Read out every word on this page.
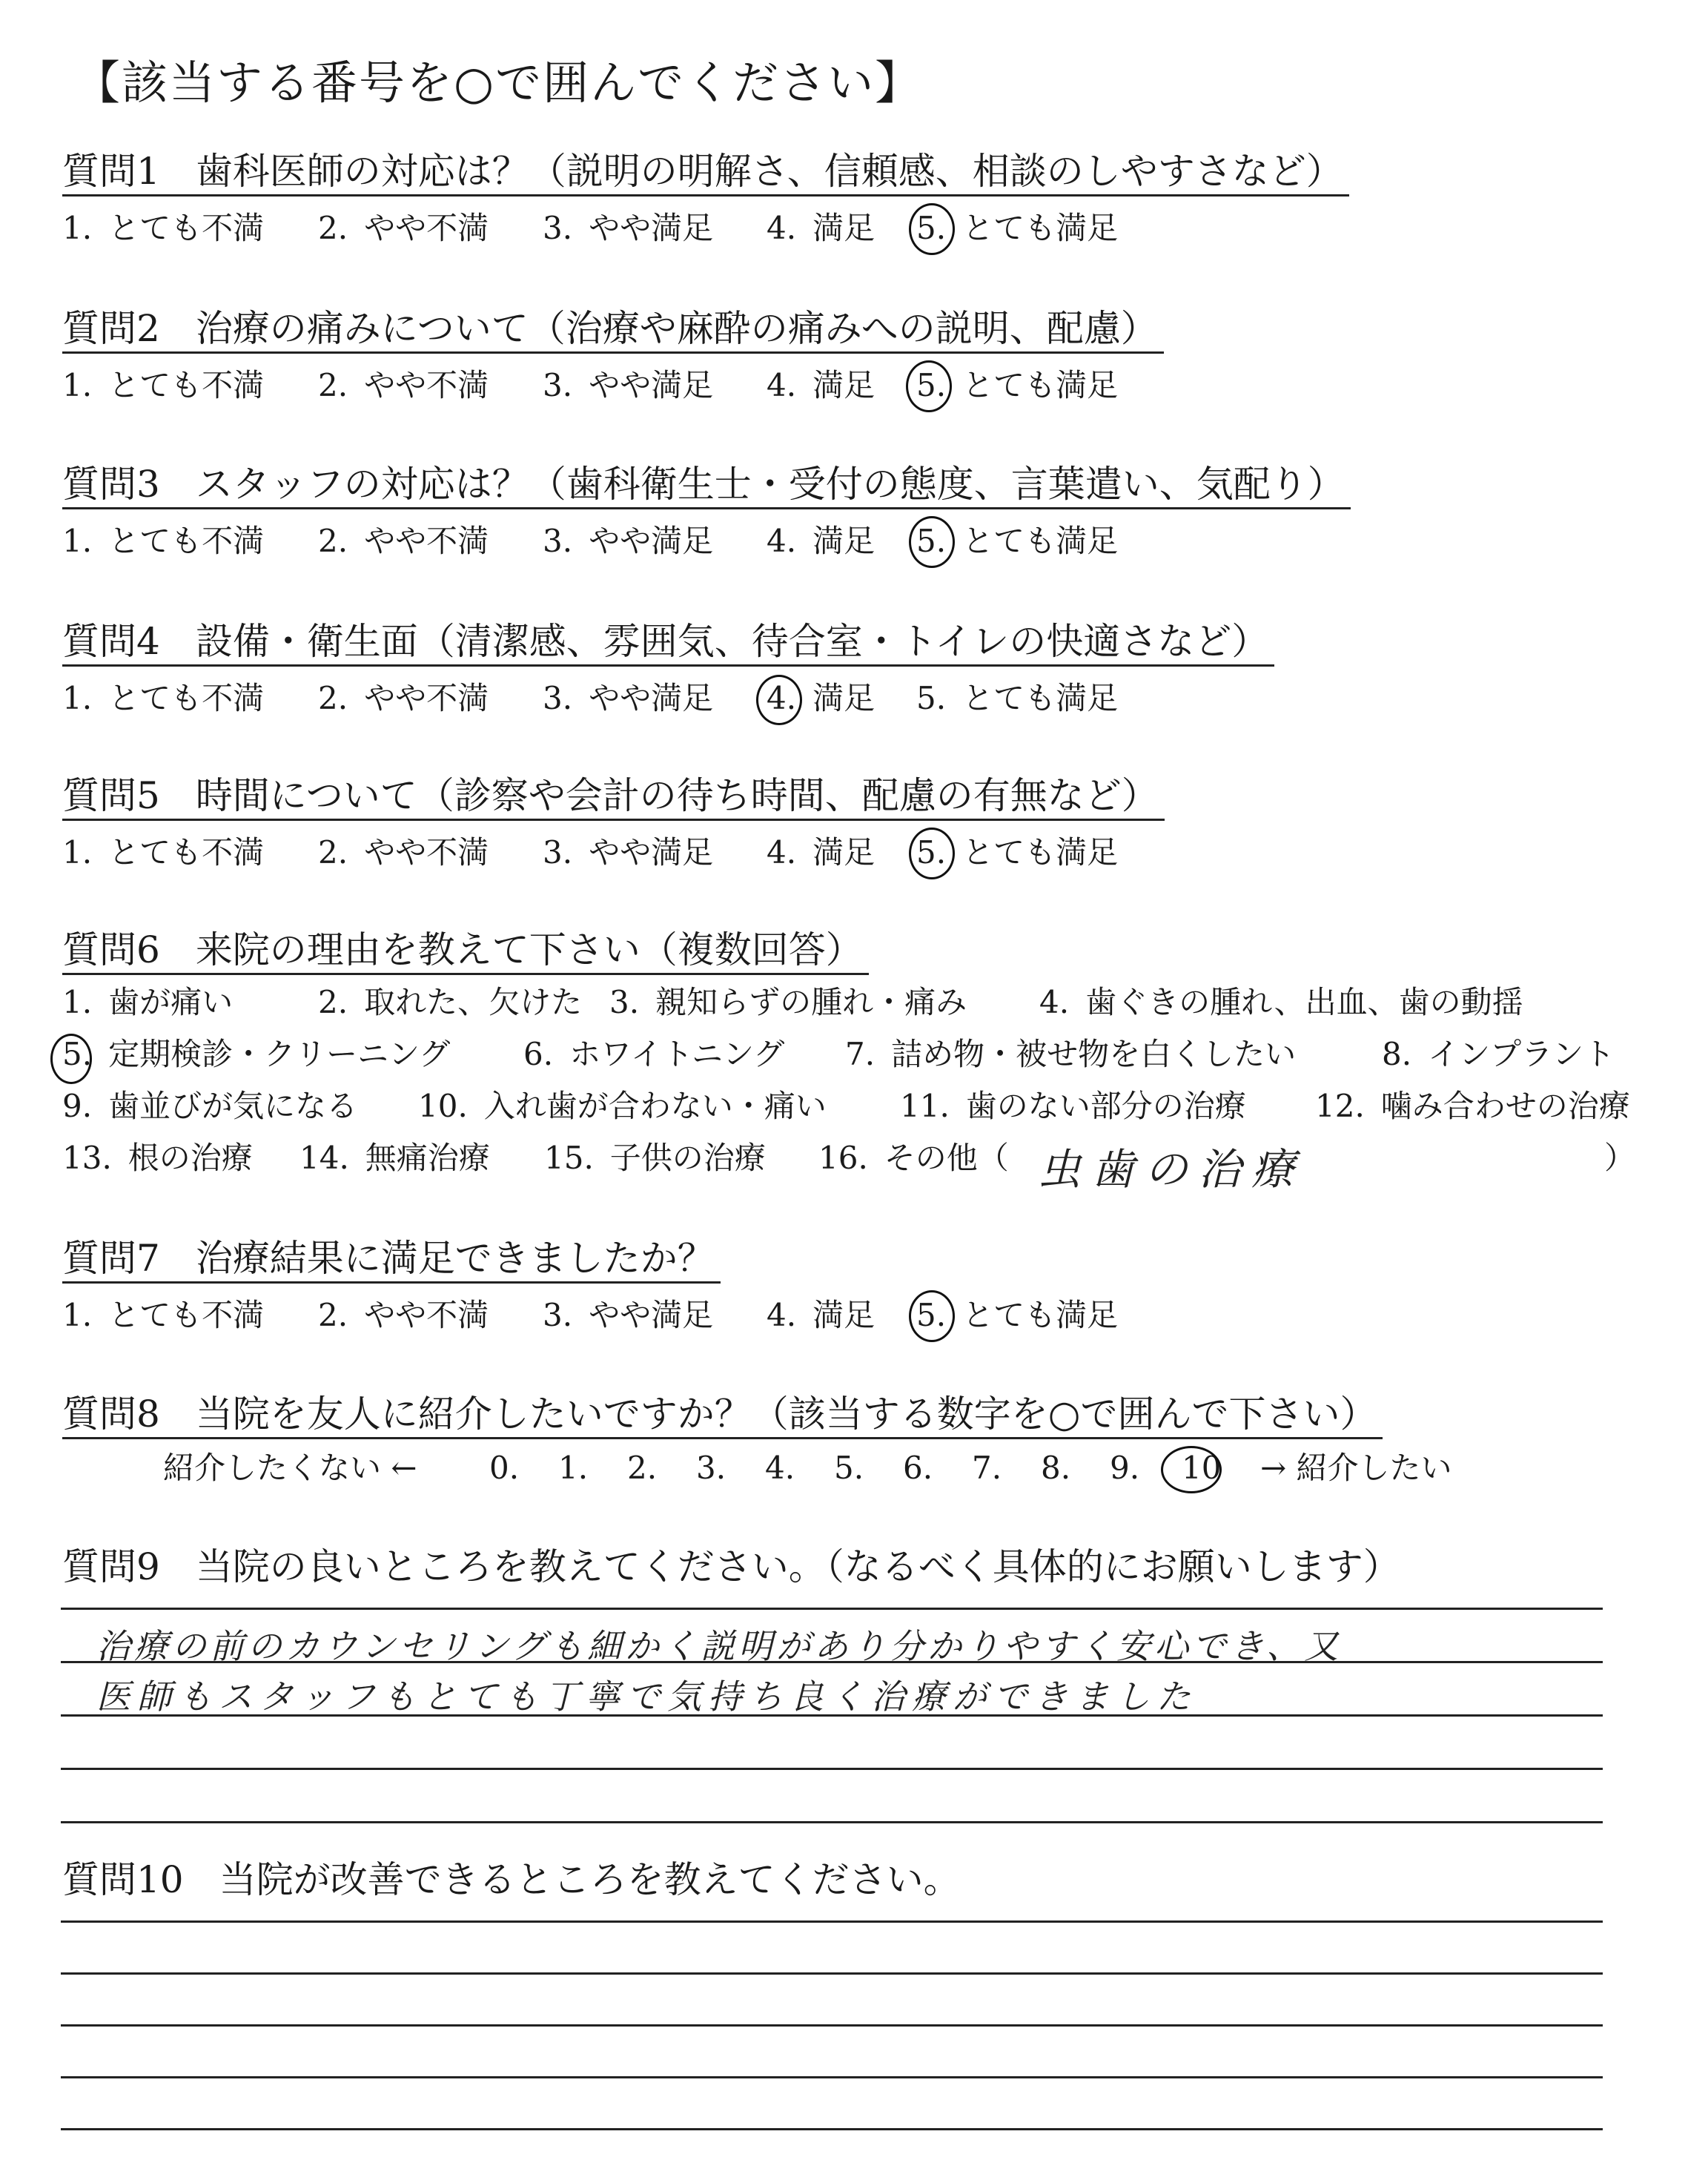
【該当する番号を○で囲んでください】
質問1 歯科医師の対応は？（説明の明解さ、信頼感、相談のしやすさなど）
1. とても不満 2. やや不満 3. やや満足 4. 満足 5. とても満足
質問2 治療の痛みについて（治療や麻酔の痛みへの説明、配慮）
1. とても不満 2. やや不満 3. やや満足 4. 満足 5. とても満足
質問3 スタッフの対応は？（歯科衛生士・受付の態度、言葉遣い、気配り）
1. とても不満 2. やや不満 3. やや満足 4. 満足 5. とても満足
質問4 設備・衛生面（清潔感、雰囲気、待合室・トイレの快適さなど）
1. とても不満 2. やや不満 3. やや満足 4. 満足 5. とても満足
質問5 時間について（診察や会計の待ち時間、配慮の有無など）
1. とても不満 2. やや不満 3. やや満足 4. 満足 5. とても満足
質問6 来院の理由を教えて下さい（複数回答）
1. 歯が痛い	2. 取れた、欠けた 3. 親知らずの腫れ・痛み 4. 歯ぐきの腫れ、出血、歯の動揺
5. 定期検診・クリーニング 6. ホワイトニング 7. 詰め物・被せ物を白くしたい	8. インプラント
9. 歯並びが気になる 10. 入れ歯が合わない・痛い 11. 歯のない部分の治療 12. 噛み合わせの治療
13. 根の治療 14. 無痛治療 15. 子供の治療 16. その他（	）
虫歯の治療
質問7 治療結果に満足できましたか？
1. とても不満 2. やや不満 3. やや満足 4. 満足 5. とても満足
質問8 当院を友人に紹介したいですか？（該当する数字を○で囲んで下さい）
紹介したくない ← 0. 1. 2. 3. 4. 5. 6. 7. 8. 9. 10 → 紹介したい
質問9 当院の良いところを教えてください。（なるべく具体的にお願いします）
治療の前のカウンセリングも細かく説明があり分かりやすく安心でき、又
医師もスタッフもとても丁寧で気持ち良く治療ができました
質問10 当院が改善できるところを教えてください。
